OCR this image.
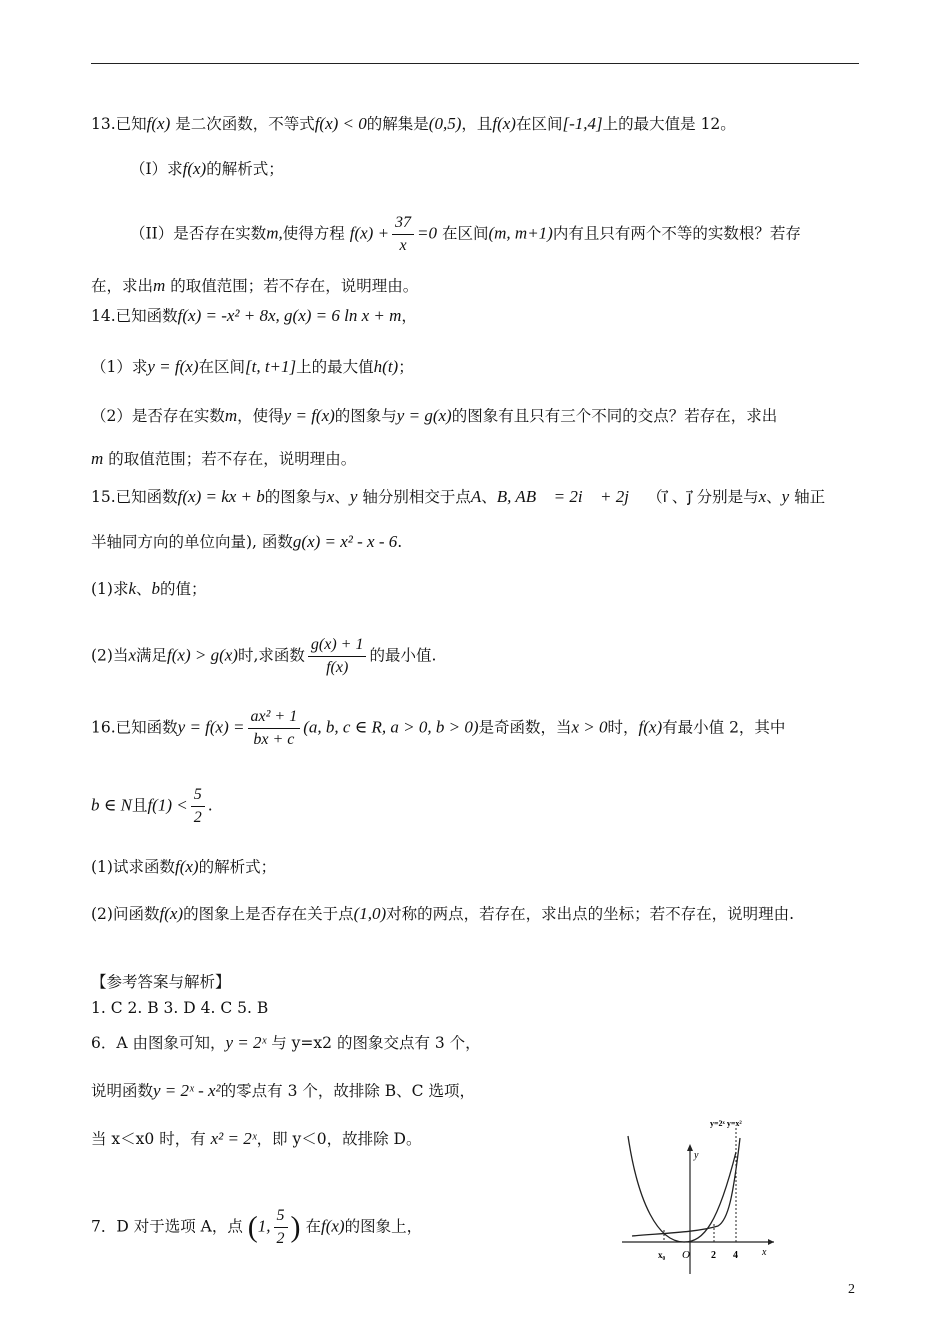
13.已知f(x) 是二次函数，不等式f(x) < 0的解集是(0,5)，且f(x)在区间[-1,4]上的最大值是 12。
（I）求f(x)的解析式；
（II）是否存在实数m,使得方程 $f(x) + \frac{37}{x} =0$ 在区间(m, m+1)内有且只有两个不等的实数根？若存
在，求出m 的取值范围；若不存在，说明理由。
14.已知函数f(x) = -x² + 8x, g(x) = 6 ln x + m，
（1）求y = f(x)在区间[t, t+1]上的最大值h(t)；
（2）是否存在实数m，使得y = f(x)的图象与y = g(x)的图象有且只有三个不同的交点？若存在，求出
m 的取值范围；若不存在，说明理由。
15.已知函数f(x) = kx + b的图象与x、y 轴分别相交于点A、B, AB⃗ = 2i⃗ + 2j⃗ （i⃗ 、j⃗ 分别是与x、y 轴正
半轴同方向的单位向量), 函数g(x) = x² - x - 6.
(1)求k、b的值；
(2)当x满足f(x) > g(x)时,求函数 $\frac{g(x) + 1}{f(x)}$ 的最小值.
16.已知函数$y = f(x) = \frac{\text{ax² + 1}}{bx + c} (a$, b, c ∈ R, a > 0, b > 0)是奇函数，当x > 0时，f(x)有最小值 2，其中
b ∈ N且$f(1) < \frac{5}{2}$ .
(1)试求函数f(x)的解析式；
(2)问函数f(x)的图象上是否存在关于点(1,0)对称的两点，若存在，求出点的坐标；若不存在，说明理由.
【参考答案与解析】
1. C 2. B 3. D 4. C 5. B
6．A 由图象可知，y = 2ˣ 与 y=x2 的图象交点有 3 个，
说明函数y = 2ˣ - x²的零点有 3 个，故排除 B、C 选项，
当 x＜x0 时，有 x² = 2ˣ，即 y＜0，故排除 D。
7．D 对于选项 A，点 (1, $\frac{5}{2}$ ) 在f(x)的图象上，
y
x
y=2ˣ y=x²
x₀ O 2 4
2
